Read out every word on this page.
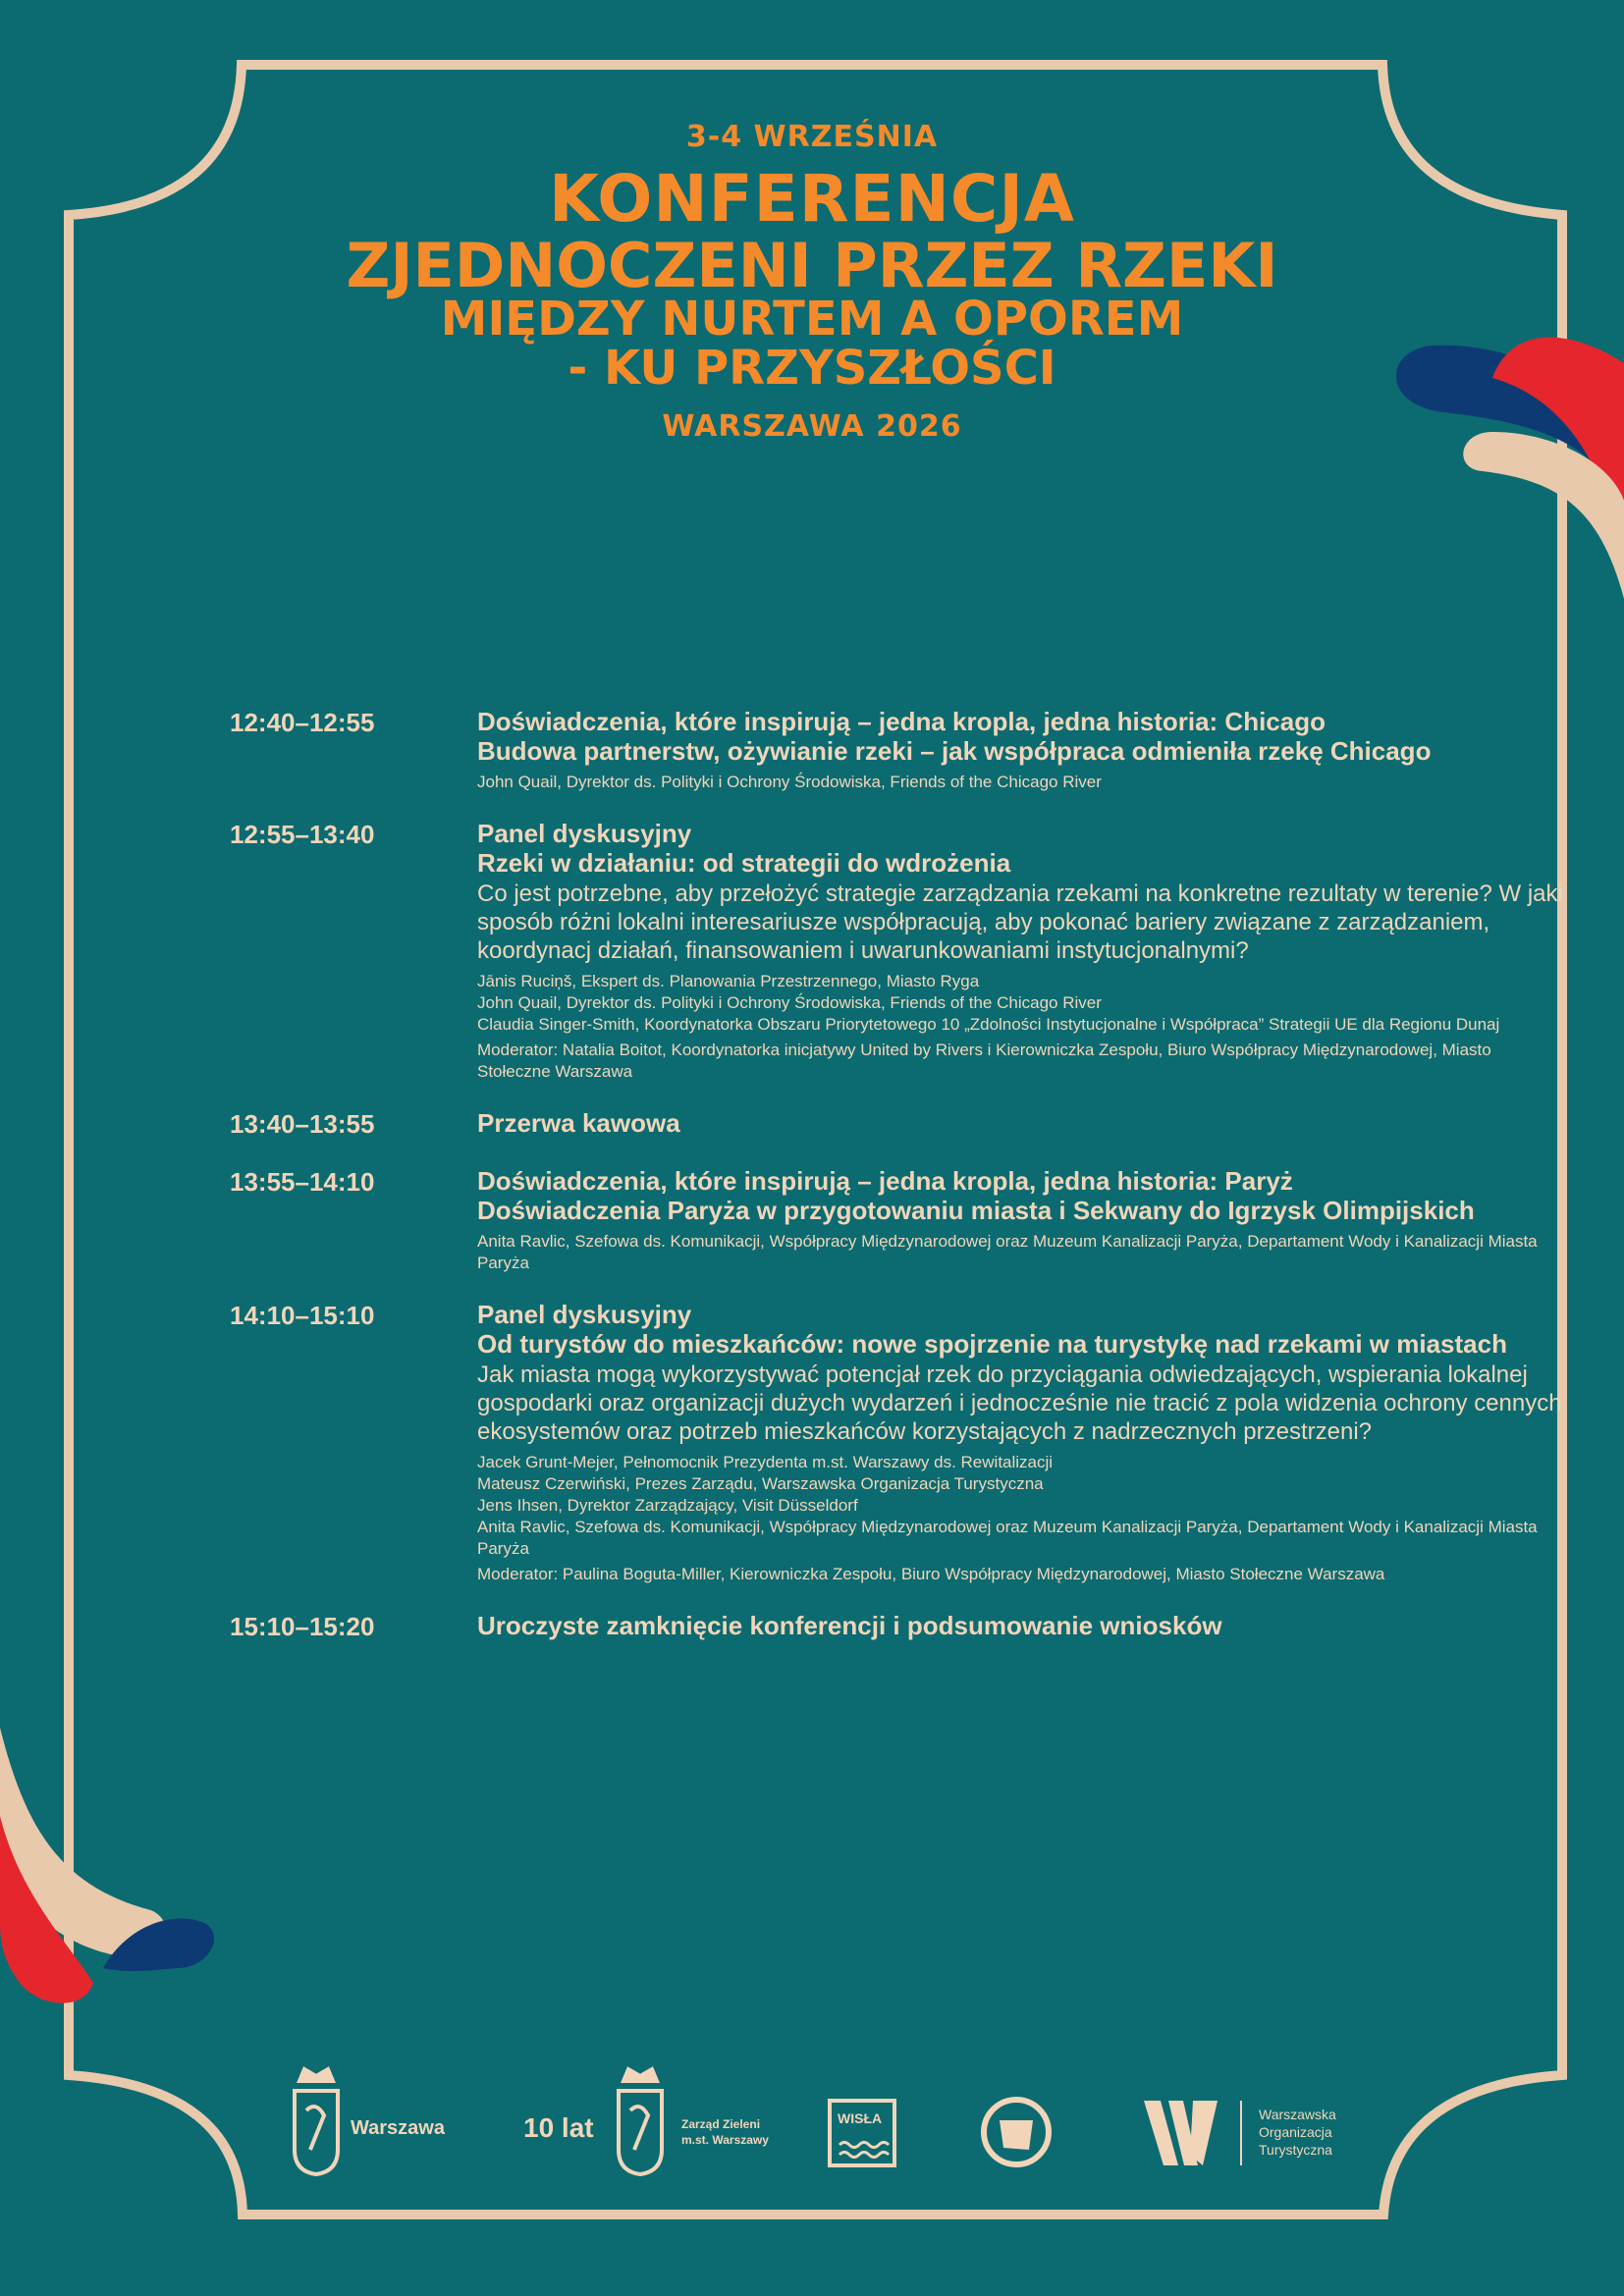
3-4 WRZEŚNIA
KONFERENCJA
ZJEDNOCZENI PRZEZ RZEKI
MIĘDZY NURTEM A OPOREM
- KU PRZYSZŁOŚCI
WARSZAWA 2026
12:40–12:55	Doświadczenia, które inspirują – jedna kropla, jedna historia: Chicago
Budowa partnerstw, ożywianie rzeki – jak współpraca odmieniła rzekę Chicago
John Quail, Dyrektor ds. Polityki i Ochrony Środowiska, Friends of the Chicago River
12:55–13:40	Panel dyskusyjny
Rzeki w działaniu: od strategii do wdrożenia
Co jest potrzebne, aby przełożyć strategie zarządzania rzekami na konkretne rezultaty w terenie? W jaki sposób różni lokalni interesariusze współpracują, aby pokonać bariery związane z zarządzaniem, koordynacj działań, finansowaniem i uwarunkowaniami instytucjonalnymi?
Jānis Ruciņš, Ekspert ds. Planowania Przestrzennego, Miasto Ryga
John Quail, Dyrektor ds. Polityki i Ochrony Środowiska, Friends of the Chicago River
Claudia Singer-Smith, Koordynatorka Obszaru Priorytetowego 10 „Zdolności Instytucjonalne i Współpraca” Strategii UE dla Regionu Dunaj
Moderator: Natalia Boitot, Koordynatorka inicjatywy United by Rivers i Kierowniczka Zespołu, Biuro Współpracy Międzynarodowej, Miasto Stołeczne Warszawa
13:40–13:55	Przerwa kawowa
13:55–14:10	Doświadczenia, które inspirują – jedna kropla, jedna historia: Paryż
Doświadczenia Paryża w przygotowaniu miasta i Sekwany do Igrzysk Olimpijskich
Anita Ravlic, Szefowa ds. Komunikacji, Współpracy Międzynarodowej oraz Muzeum Kanalizacji Paryża, Departament Wody i Kanalizacji Miasta Paryża
14:10–15:10	Panel dyskusyjny
Od turystów do mieszkańców: nowe spojrzenie na turystykę nad rzekami w miastach
Jak miasta mogą wykorzystywać potencjał rzek do przyciągania odwiedzających, wspierania lokalnej gospodarki oraz organizacji dużych wydarzeń i jednocześnie nie tracić z pola widzenia ochrony cennych ekosystemów oraz potrzeb mieszkańców korzystających z nadrzecznych przestrzeni?
Jacek Grunt-Mejer, Pełnomocnik Prezydenta m.st. Warszawy ds. Rewitalizacji
Mateusz Czerwiński, Prezes Zarządu, Warszawska Organizacja Turystyczna
Jens Ihsen, Dyrektor Zarządzający, Visit Düsseldorf
Anita Ravlic, Szefowa ds. Komunikacji, Współpracy Międzynarodowej oraz Muzeum Kanalizacji Paryża, Departament Wody i Kanalizacji Miasta Paryża
Moderator: Paulina Boguta-Miller, Kierowniczka Zespołu, Biuro Współpracy Międzynarodowej, Miasto Stołeczne Warszawa
15:10–15:20	Uroczyste zamknięcie konferencji i podsumowanie wniosków
Warszawa	10 lat	Zarząd Zieleni
m.st. Warszawy
WISŁA	Warszawska
Organizacja
Turystyczna
